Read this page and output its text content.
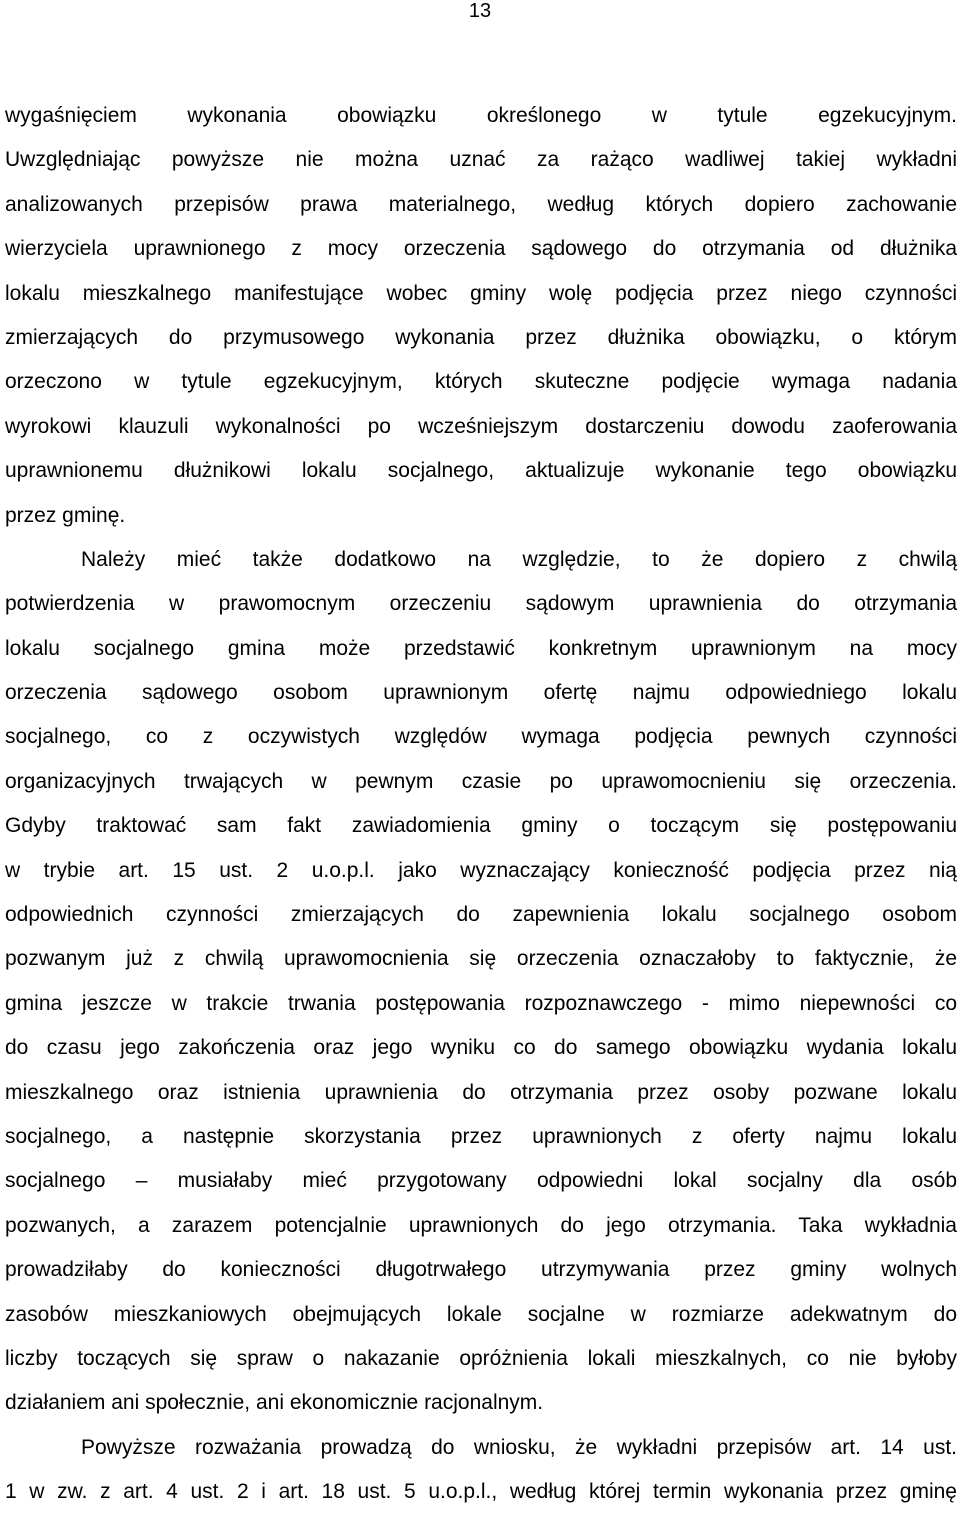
13
wygaśnięciem wykonania obowiązku określonego w tytule egzekucyjnym.
Uwzględniając powyższe nie można uznać za rażąco wadliwej takiej wykładni
analizowanych przepisów prawa materialnego, według których dopiero zachowanie
wierzyciela uprawnionego z mocy orzeczenia sądowego do otrzymania od dłużnika
lokalu mieszkalnego manifestujące wobec gminy wolę podjęcia przez niego czynności
zmierzających do przymusowego wykonania przez dłużnika obowiązku, o którym
orzeczono w tytule egzekucyjnym, których skuteczne podjęcie wymaga nadania
wyrokowi klauzuli wykonalności po wcześniejszym dostarczeniu dowodu zaoferowania
uprawnionemu dłużnikowi lokalu socjalnego, aktualizuje wykonanie tego obowiązku
przez gminę.
Należy mieć także dodatkowo na względzie, to że dopiero z chwilą
potwierdzenia w prawomocnym orzeczeniu sądowym uprawnienia do otrzymania
lokalu socjalnego gmina może przedstawić konkretnym uprawnionym na mocy
orzeczenia sądowego osobom uprawnionym ofertę najmu odpowiedniego lokalu
socjalnego, co z oczywistych względów wymaga podjęcia pewnych czynności
organizacyjnych trwających w pewnym czasie po uprawomocnieniu się orzeczenia.
Gdyby traktować sam fakt zawiadomienia gminy o toczącym się postępowaniu
w trybie art. 15 ust. 2 u.o.p.l. jako wyznaczający konieczność podjęcia przez nią
odpowiednich czynności zmierzających do zapewnienia lokalu socjalnego osobom
pozwanym już z chwilą uprawomocnienia się orzeczenia oznaczałoby to faktycznie, że
gmina jeszcze w trakcie trwania postępowania rozpoznawczego - mimo niepewności co
do czasu jego zakończenia oraz jego wyniku co do samego obowiązku wydania lokalu
mieszkalnego oraz istnienia uprawnienia do otrzymania przez osoby pozwane lokalu
socjalnego, a następnie skorzystania przez uprawnionych z oferty najmu lokalu
socjalnego – musiałaby mieć przygotowany odpowiedni lokal socjalny dla osób
pozwanych, a zarazem potencjalnie uprawnionych do jego otrzymania. Taka wykładnia
prowadziłaby do konieczności długotrwałego utrzymywania przez gminy wolnych
zasobów mieszkaniowych obejmujących lokale socjalne w rozmiarze adekwatnym do
liczby toczących się spraw o nakazanie opróżnienia lokali mieszkalnych, co nie byłoby
działaniem ani społecznie, ani ekonomicznie racjonalnym.
Powyższe rozważania prowadzą do wniosku, że wykładni przepisów art. 14 ust.
1 w zw. z art. 4 ust. 2 i art. 18 ust. 5 u.o.p.l., według której termin wykonania przez gminę
